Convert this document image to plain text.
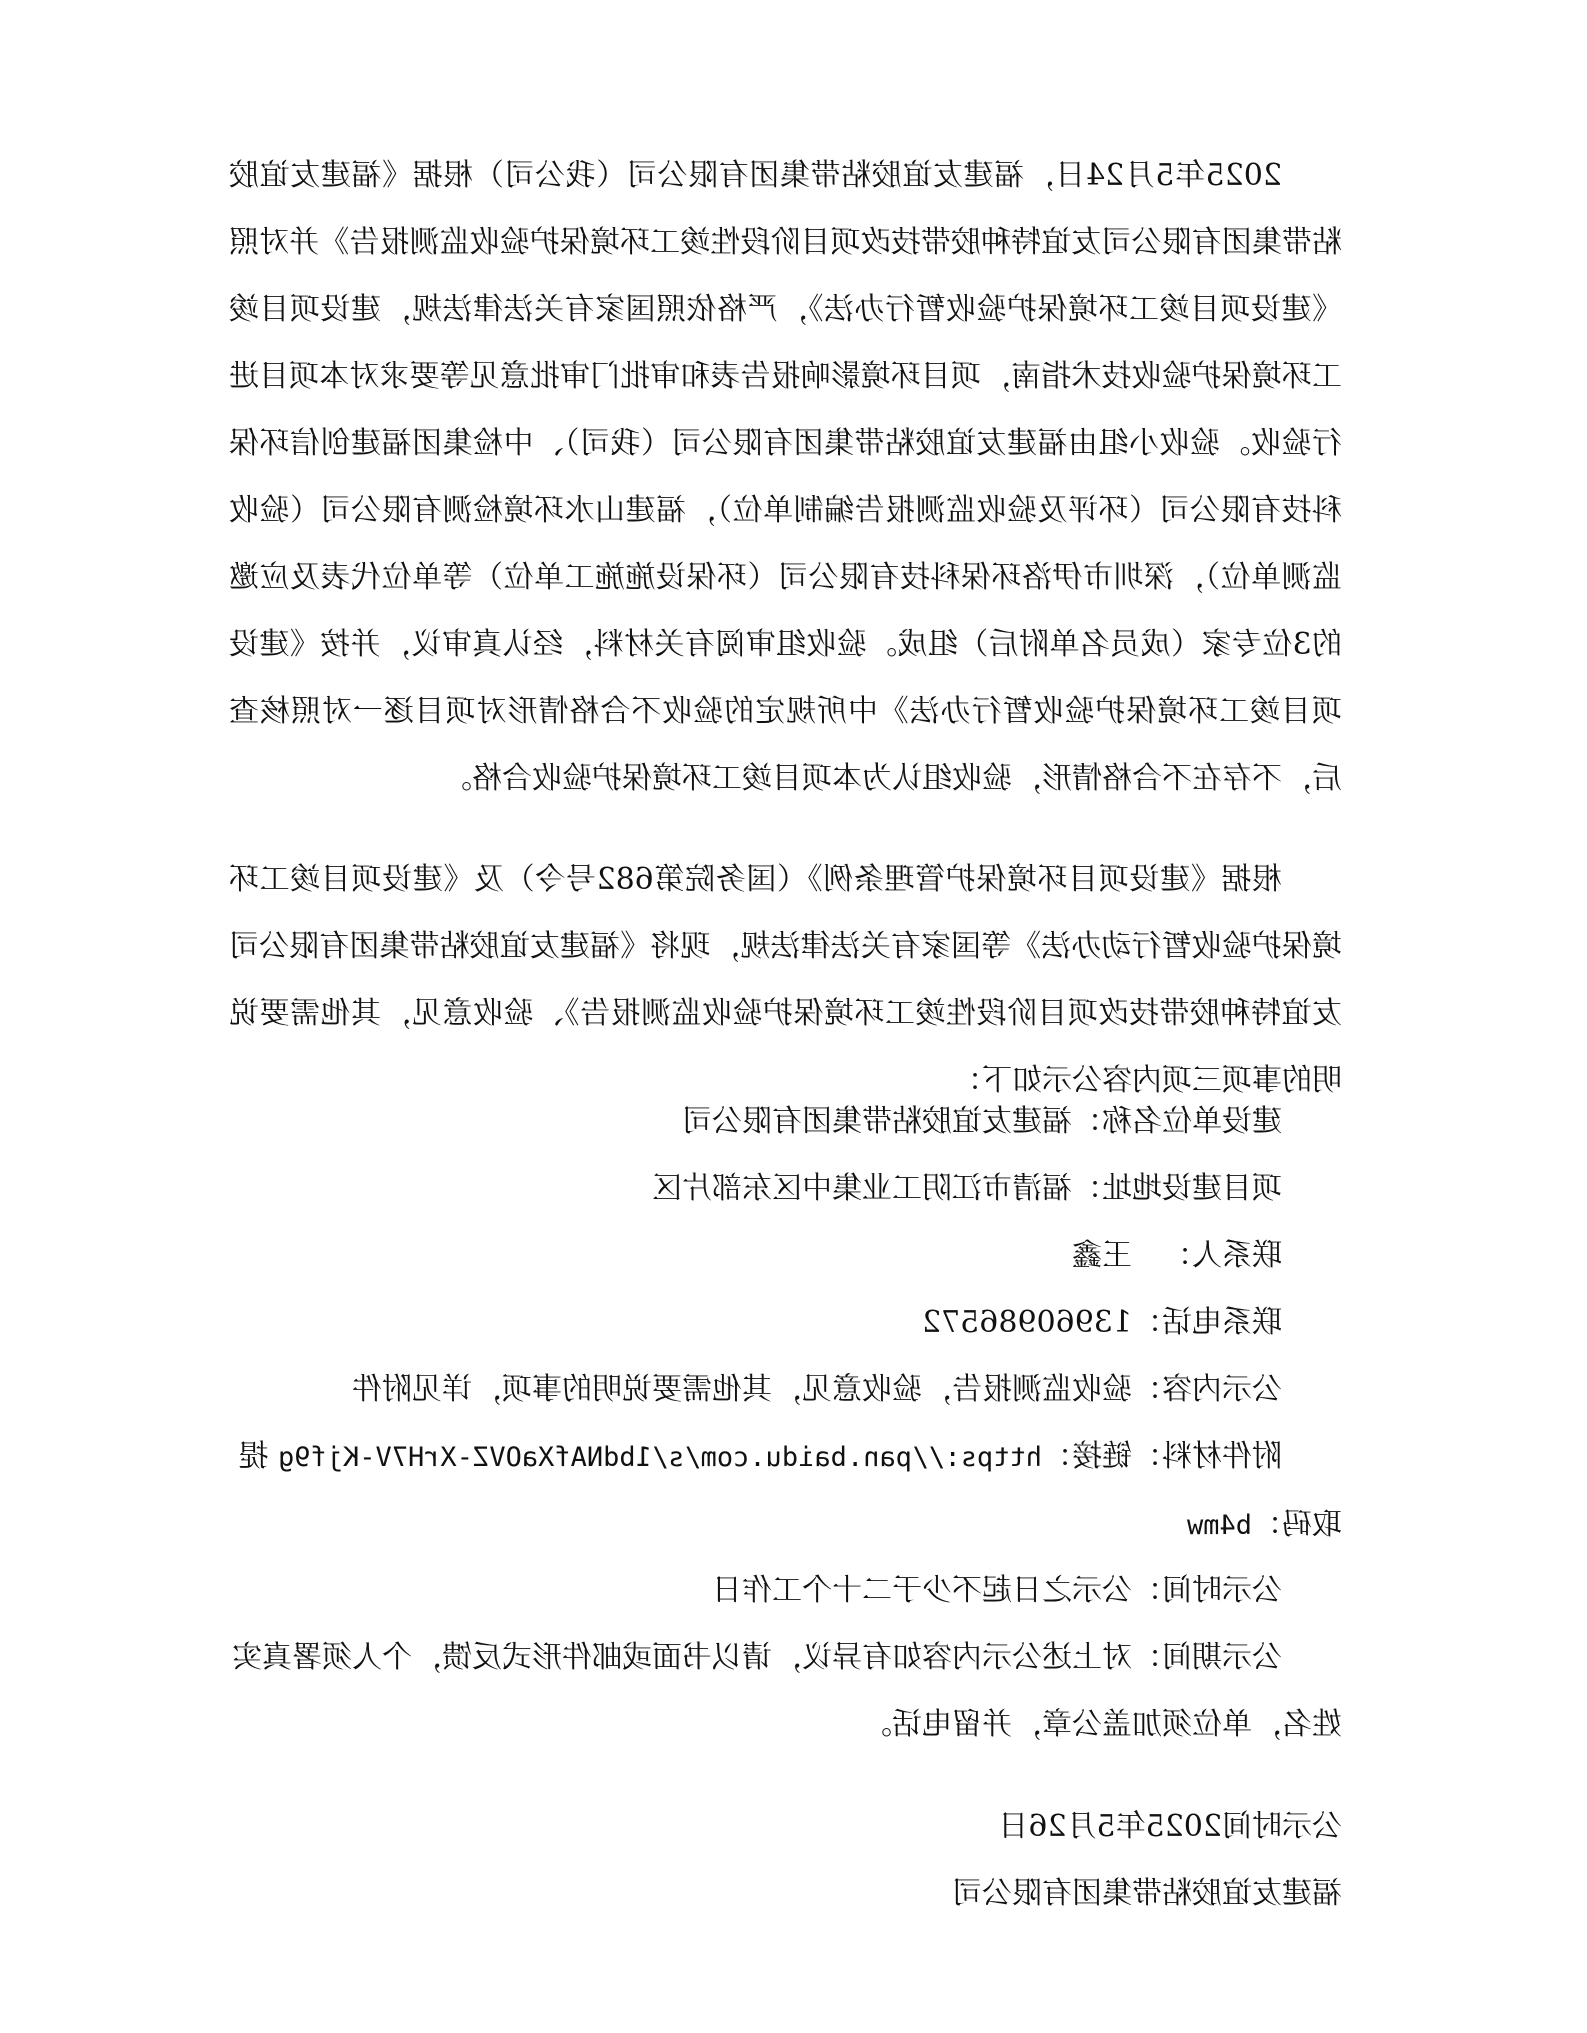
2025年5月24日，福建友谊胶粘带集团有限公司（我公司）根据《福建友谊胶粘带集团有限公司友谊特种胶带技改项目阶段性竣工环境保护验收监测报告》并对照《建设项目竣工环境保护验收暂行办法》，严格依照国家有关法律法规，建设项目竣工环境保护验收技术指南，项目环境影响报告表和审批门审批意见等要求对本项目进行验收。验收小组由福建友谊胶粘带集团有限公司（我司）、中检集团福建创信环保科技有限公司（环评及验收监测报告编制单位），福建山水环境检测有限公司（验收监测单位），深圳市伊洛环保科技有限公司（环保设施施工单位）等单位代表及应邀的3位专家（成员名单附后）组成。验收组审阅有关材料，经认真审议，并按《建设项目竣工环境保护验收暂行办法》中所规定的验收不合格情形对项目逐一对照核查后，不存在不合格情形，验收组认为本项目竣工环境保护验收合格。
根据《建设项目环境保护管理条例》（国务院第682号令）及《建设项目竣工环境保护验收暂行动办法》等国家有关法律法规，现将《福建友谊胶粘带集团有限公司友谊特种胶带技改项目阶段性竣工环境保护验收监测报告》、验收意见，其他需要说明的事项三项内容公示如下：
建设单位名称：福建友谊胶粘带集团有限公司
项目建设地址：福清市江阴工业集中区东部片区
联系人：王鑫
联系电话：13960986572
公示内容：验收监测报告，验收意见，其他需要说明的事项，详见附件
附件材料：链接：https://pan.baidu.com/s/1bdNAfXaOVZ-XrH7V-Kjf9g 提取码：b4mw
公示时间：公示之日起不少于二十个工作日
公示期间：对上述公示内容如有异议，请以书面或邮件形式反馈，个人须署真实姓名，单位须加盖公章，并留电话。
公示时间2025年5月26日
福建友谊胶粘带集团有限公司
